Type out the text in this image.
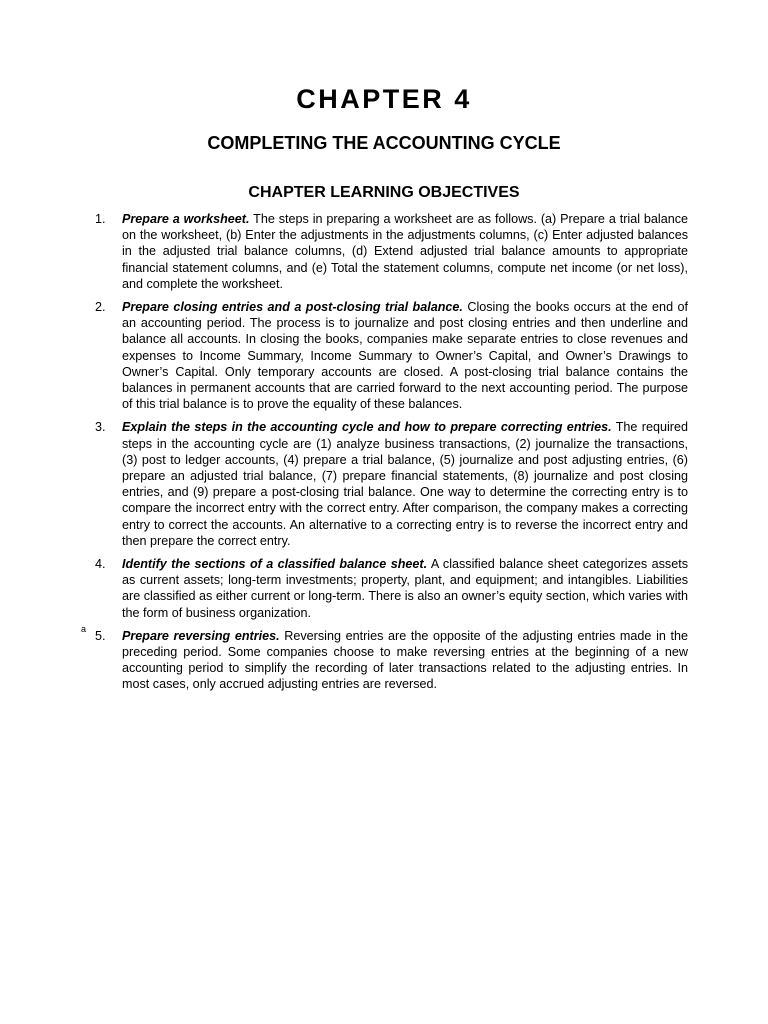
CHAPTER 4
COMPLETING THE ACCOUNTING CYCLE
CHAPTER LEARNING OBJECTIVES
1.	Prepare a worksheet. The steps in preparing a worksheet are as follows. (a) Prepare a trial balance on the worksheet, (b) Enter the adjustments in the adjustments columns, (c) Enter adjusted balances in the adjusted trial balance columns, (d) Extend adjusted trial balance amounts to appropriate financial statement columns, and (e) Total the statement columns, compute net income (or net loss), and complete the worksheet.
2.	Prepare closing entries and a post-closing trial balance. Closing the books occurs at the end of an accounting period. The process is to journalize and post closing entries and then underline and balance all accounts. In closing the books, companies make separate entries to close revenues and expenses to Income Summary, Income Summary to Owner’s Capital, and Owner’s Drawings to Owner’s Capital. Only temporary accounts are closed. A post-closing trial balance contains the balances in permanent accounts that are carried forward to the next accounting period. The purpose of this trial balance is to prove the equality of these balances.
3.	Explain the steps in the accounting cycle and how to prepare correcting entries. The required steps in the accounting cycle are (1) analyze business transactions, (2) journalize the transactions, (3) post to ledger accounts, (4) prepare a trial balance, (5) journalize and post adjusting entries, (6) prepare an adjusted trial balance, (7) prepare financial statements, (8) journalize and post closing entries, and (9) prepare a post-closing trial balance. One way to determine the correcting entry is to compare the incorrect entry with the correct entry. After comparison, the company makes a correcting entry to correct the accounts. An alternative to a correcting entry is to reverse the incorrect entry and then prepare the correct entry.
4.	Identify the sections of a classified balance sheet. A classified balance sheet categorizes assets as current assets; long-term investments; property, plant, and equipment; and intangibles. Liabilities are classified as either current or long-term. There is also an owner’s equity section, which varies with the form of business organization.
a 5.	Prepare reversing entries. Reversing entries are the opposite of the adjusting entries made in the preceding period. Some companies choose to make reversing entries at the beginning of a new accounting period to simplify the recording of later transactions related to the adjusting entries. In most cases, only accrued adjusting entries are reversed.
